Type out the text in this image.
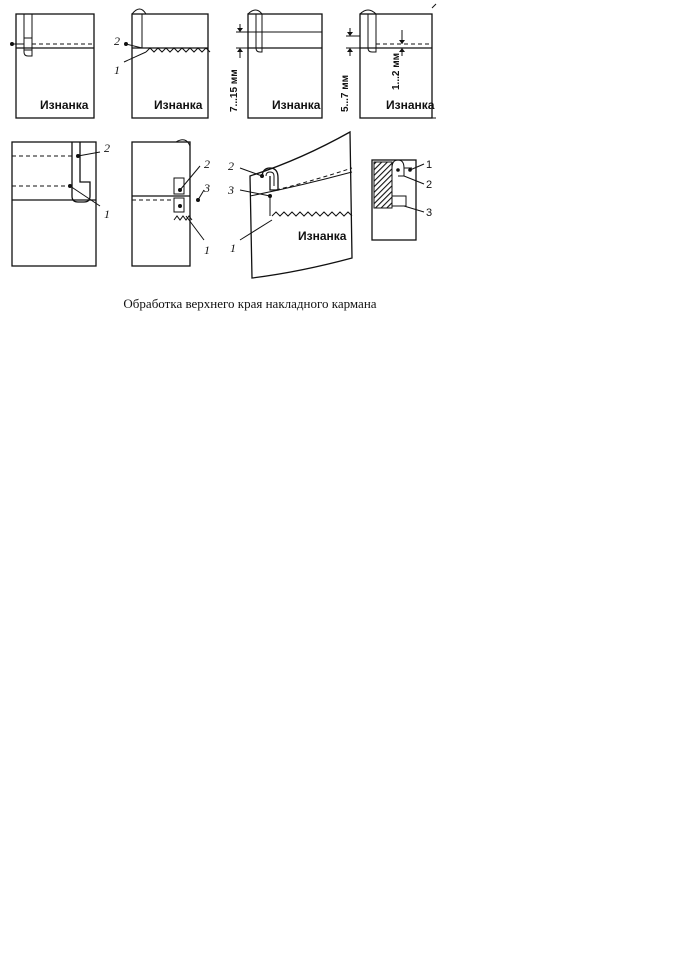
Изнанка
2
1
Изнанка	7...15 мм	Изнанка 5...7 мм
1...2 мм
Изнанка
2
1
2
3
1
2
3
1
Изнанка
1
2
3
Обработка верхнего края накладного кармана
